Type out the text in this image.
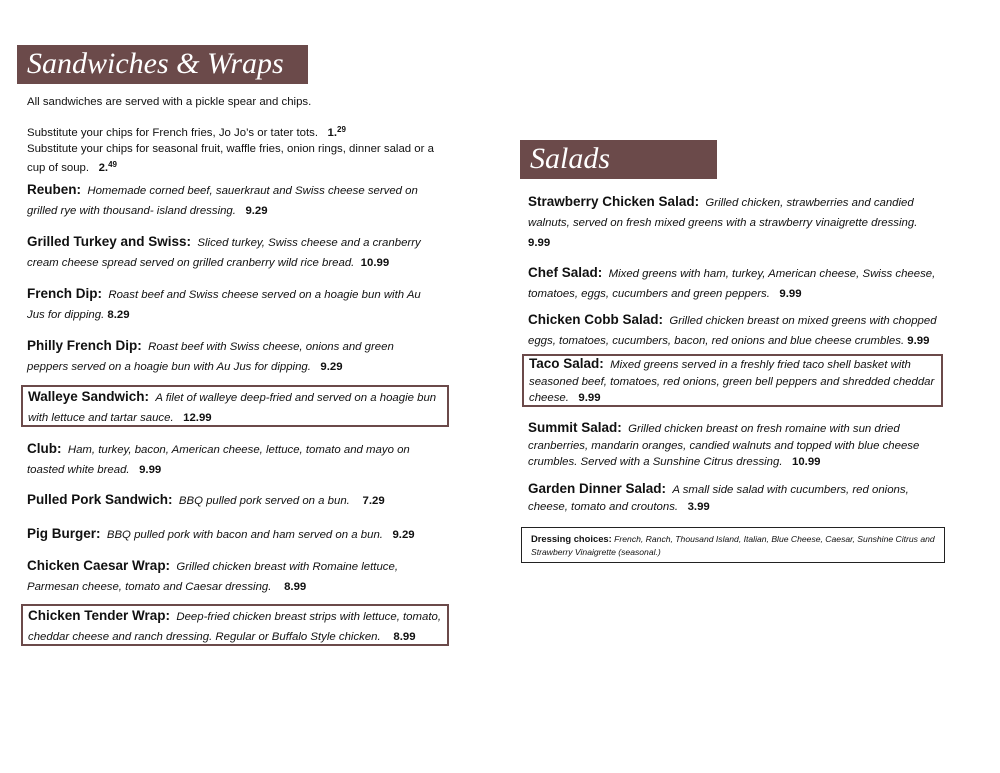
Sandwiches & Wraps
All sandwiches are served with a pickle spear and chips.
Substitute your chips for French fries, Jo Jo’s or tater tots. 1.29
Substitute your chips for seasonal fruit, waffle fries, onion rings, dinner salad or a cup of soup. 2.49
Reuben: Homemade corned beef, sauerkraut and Swiss cheese served on grilled rye with thousand- island dressing. 9.29
Grilled Turkey and Swiss: Sliced turkey, Swiss cheese and a cranberry cream cheese spread served on grilled cranberry wild rice bread. 10.99
French Dip: Roast beef and Swiss cheese served on a hoagie bun with Au Jus for dipping. 8.29
Philly French Dip: Roast beef with Swiss cheese, onions and green peppers served on a hoagie bun with Au Jus for dipping. 9.29
Walleye Sandwich: A filet of walleye deep-fried and served on a hoagie bun with lettuce and tartar sauce. 12.99
Club: Ham, turkey, bacon, American cheese, lettuce, tomato and mayo on toasted white bread. 9.99
Pulled Pork Sandwich: BBQ pulled pork served on a bun. 7.29
Pig Burger: BBQ pulled pork with bacon and ham served on a bun. 9.29
Chicken Caesar Wrap: Grilled chicken breast with Romaine lettuce, Parmesan cheese, tomato and Caesar dressing. 8.99
Chicken Tender Wrap: Deep-fried chicken breast strips with lettuce, tomato, cheddar cheese and ranch dressing. Regular or Buffalo Style chicken. 8.99
Salads
Strawberry Chicken Salad: Grilled chicken, strawberries and candied walnuts, served on fresh mixed greens with a strawberry vinaigrette dressing.  9.99
Chef Salad: Mixed greens with ham, turkey, American cheese, Swiss cheese, tomatoes, eggs, cucumbers and green peppers. 9.99
Chicken Cobb Salad: Grilled chicken breast on mixed greens with chopped eggs, tomatoes, cucumbers, bacon, red onions and blue cheese crumbles. 9.99
Taco Salad: Mixed greens served in a freshly fried taco shell basket with seasoned beef, tomatoes, red onions, green bell peppers and shredded cheddar cheese. 9.99
Summit Salad: Grilled chicken breast on fresh romaine with sun dried cranberries, mandarin oranges, candied walnuts and topped with blue cheese crumbles. Served with a Sunshine Citrus dressing. 10.99
Garden Dinner Salad: A small side salad with cucumbers, red onions, cheese, tomato and croutons. 3.99
Dressing choices: French, Ranch, Thousand Island, Italian, Blue Cheese, Caesar, Sunshine Citrus and Strawberry Vinaigrette (seasonal.)
